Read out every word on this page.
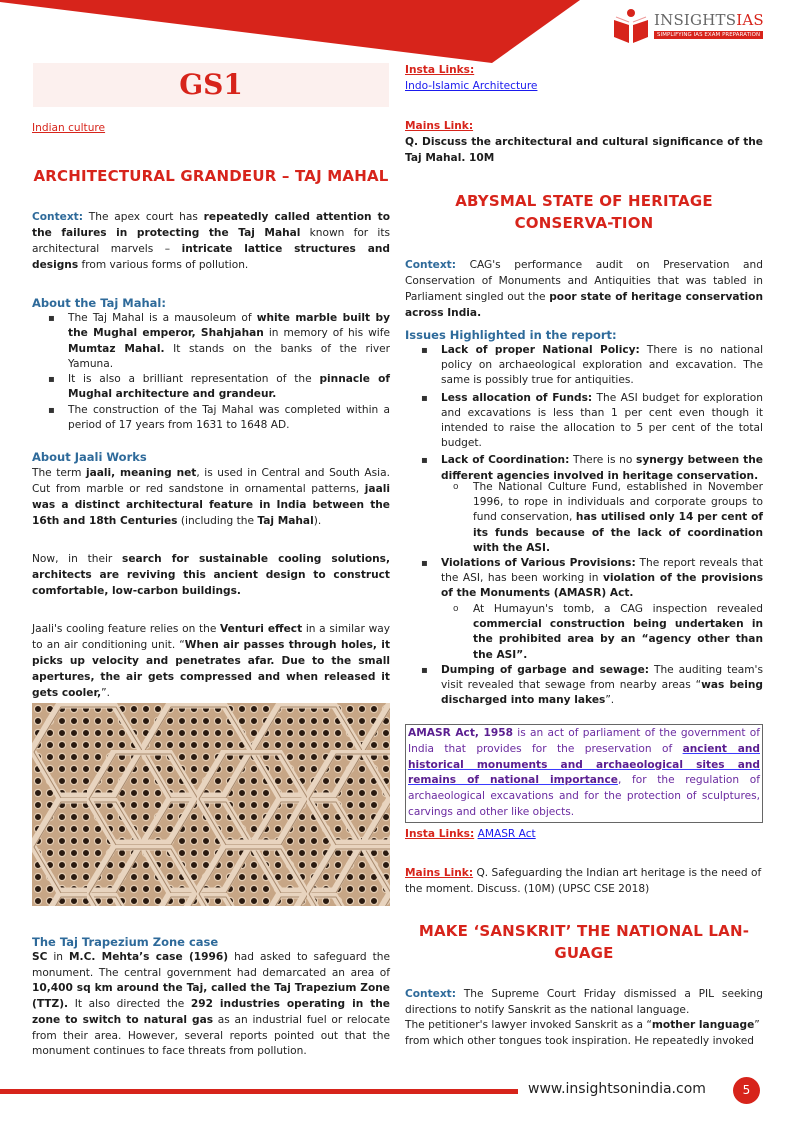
INSIGHTSIAS
SIMPLIFYING IAS EXAM PREPARATION
GS1
Indian culture
ARCHITECTURAL GRANDEUR – TAJ MAHAL
Context: The apex court has repeatedly called attention to the failures in protecting the Taj Mahal known for its architectural marvels – intricate lattice structures and designs from various forms of pollution.
About the Taj Mahal:
▪ The Taj Mahal is a mausoleum of white marble built by the Mughal emperor, Shahjahan in memory of his wife Mumtaz Mahal. It stands on the banks of the river Yamuna.
▪ It is also a brilliant representation of the pinnacle of Mughal architecture and grandeur.
▪ The construction of the Taj Mahal was completed within a period of 17 years from 1631 to 1648 AD.
About Jaali Works
The term jaali, meaning net, is used in Central and South Asia. Cut from marble or red sandstone in ornamental patterns, jaali was a distinct architectural feature in India between the 16th and 18th Centuries (including the Taj Mahal).
Now, in their search for sustainable cooling solutions, architects are reviving this ancient design to construct comfortable, low-carbon buildings.
Jaali's cooling feature relies on the Venturi effect in a similar way to an air conditioning unit. “When air passes through holes, it picks up velocity and penetrates afar. Due to the small apertures, the air gets compressed and when released it gets cooler,”.
The Taj Trapezium Zone case
SC in M.C. Mehta’s case (1996) had asked to safeguard the monument. The central government had demarcated an area of 10,400 sq km around the Taj, called the Taj Trapezium Zone (TTZ). It also directed the 292 industries operating in the zone to switch to natural gas as an industrial fuel or relocate from their area. However, several reports pointed out that the monument continues to face threats from pollution.
Insta Links:
Indo-Islamic Architecture
Mains Link:
Q. Discuss the architectural and cultural significance of the Taj Mahal. 10M
ABYSMAL STATE OF HERITAGE CONSERVA-TION
Context: CAG's performance audit on Preservation and Conservation of Monuments and Antiquities that was tabled in Parliament singled out the poor state of heritage conservation across India.
Issues Highlighted in the report:
▪ Lack of proper National Policy: There is no national policy on archaeological exploration and excavation. The same is possibly true for antiquities.
▪ Less allocation of Funds: The ASI budget for exploration and excavations is less than 1 per cent even though it intended to raise the allocation to 5 per cent of the total budget.
▪ Lack of Coordination: There is no synergy between the different agencies involved in heritage conservation.
o The National Culture Fund, established in November 1996, to rope in individuals and corporate groups to fund conservation, has utilised only 14 per cent of its funds because of the lack of coordination with the ASI.
▪ Violations of Various Provisions: The report reveals that the ASI, has been working in violation of the provisions of the Monuments (AMASR) Act.
o At Humayun's tomb, a CAG inspection revealed commercial construction being undertaken in the prohibited area by an “agency other than the ASI”.
▪ Dumping of garbage and sewage: The auditing team's visit revealed that sewage from nearby areas “was being discharged into many lakes”.
AMASR Act, 1958 is an act of parliament of the government of India that provides for the preservation of ancient and historical monuments and archaeological sites and remains of national importance, for the regulation of archaeological excavations and for the protection of sculptures, carvings and other like objects.
Insta Links: AMASR Act
Mains Link: Q. Safeguarding the Indian art heritage is the need of the moment. Discuss. (10M) (UPSC CSE 2018)
MAKE ‘SANSKRIT’ THE NATIONAL LAN-GUAGE
Context: The Supreme Court Friday dismissed a PIL seeking directions to notify Sanskrit as the national language.
The petitioner's lawyer invoked Sanskrit as a “mother language” from which other tongues took inspiration. He repeatedly invoked
www.insightsonindia.com	5
